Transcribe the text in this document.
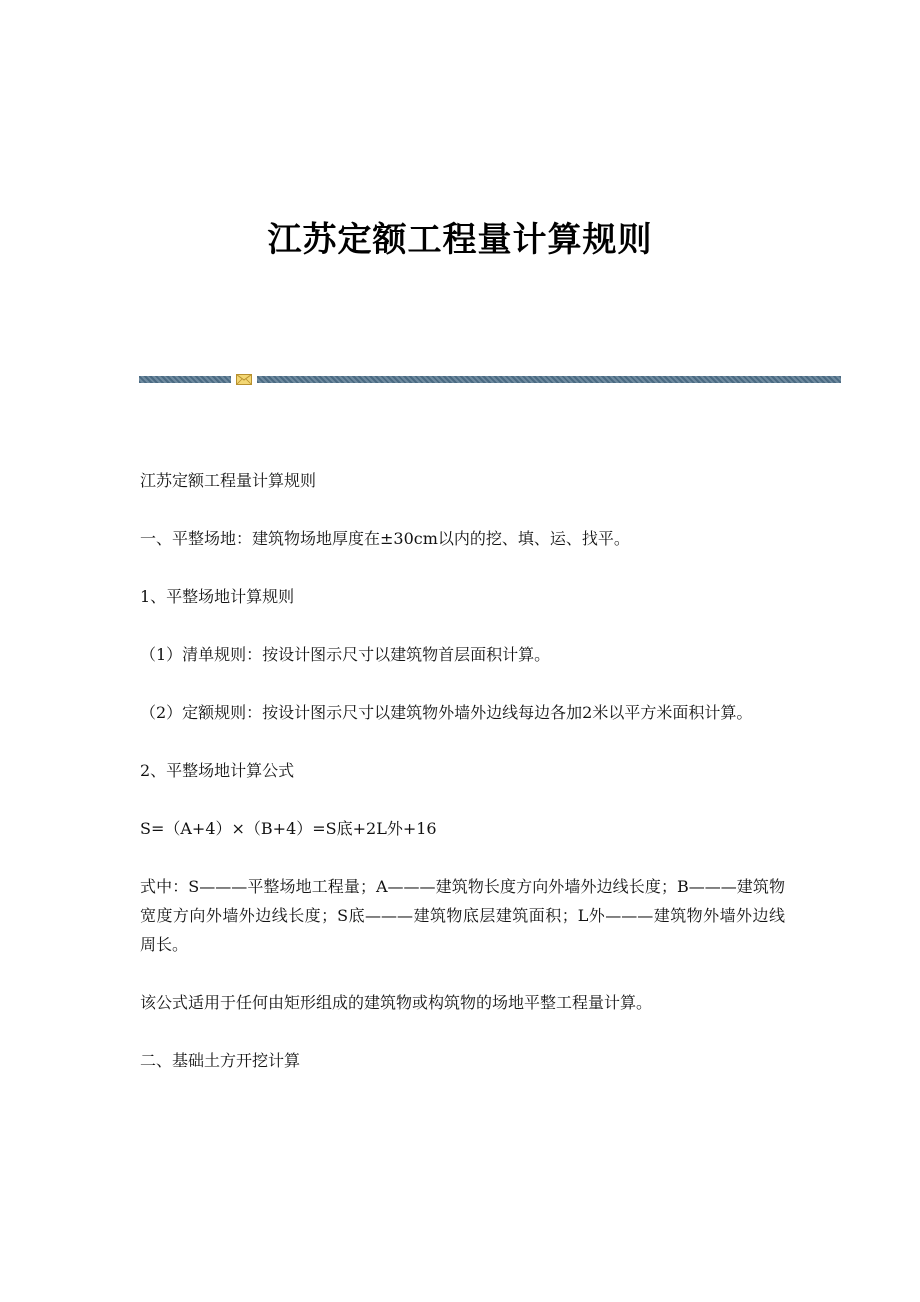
江苏定额工程量计算规则

江苏定额工程量计算规则

一、平整场地：建筑物场地厚度在±30cm以内的挖、填、运、找平。

1、平整场地计算规则

（1）清单规则：按设计图示尺寸以建筑物首层面积计算。

（2）定额规则：按设计图示尺寸以建筑物外墙外边线每边各加2米以平方米面积计算。

2、平整场地计算公式

S=（A+4）×（B+4）=S底+2L外+16

式中：S———平整场地工程量；A———建筑物长度方向外墙外边线长度；B———建筑物宽度方向外墙外边线长度；S底———建筑物底层建筑面积；L外———建筑物外墙外边线周长。

该公式适用于任何由矩形组成的建筑物或构筑物的场地平整工程量计算。

二、基础土方开挖计算
